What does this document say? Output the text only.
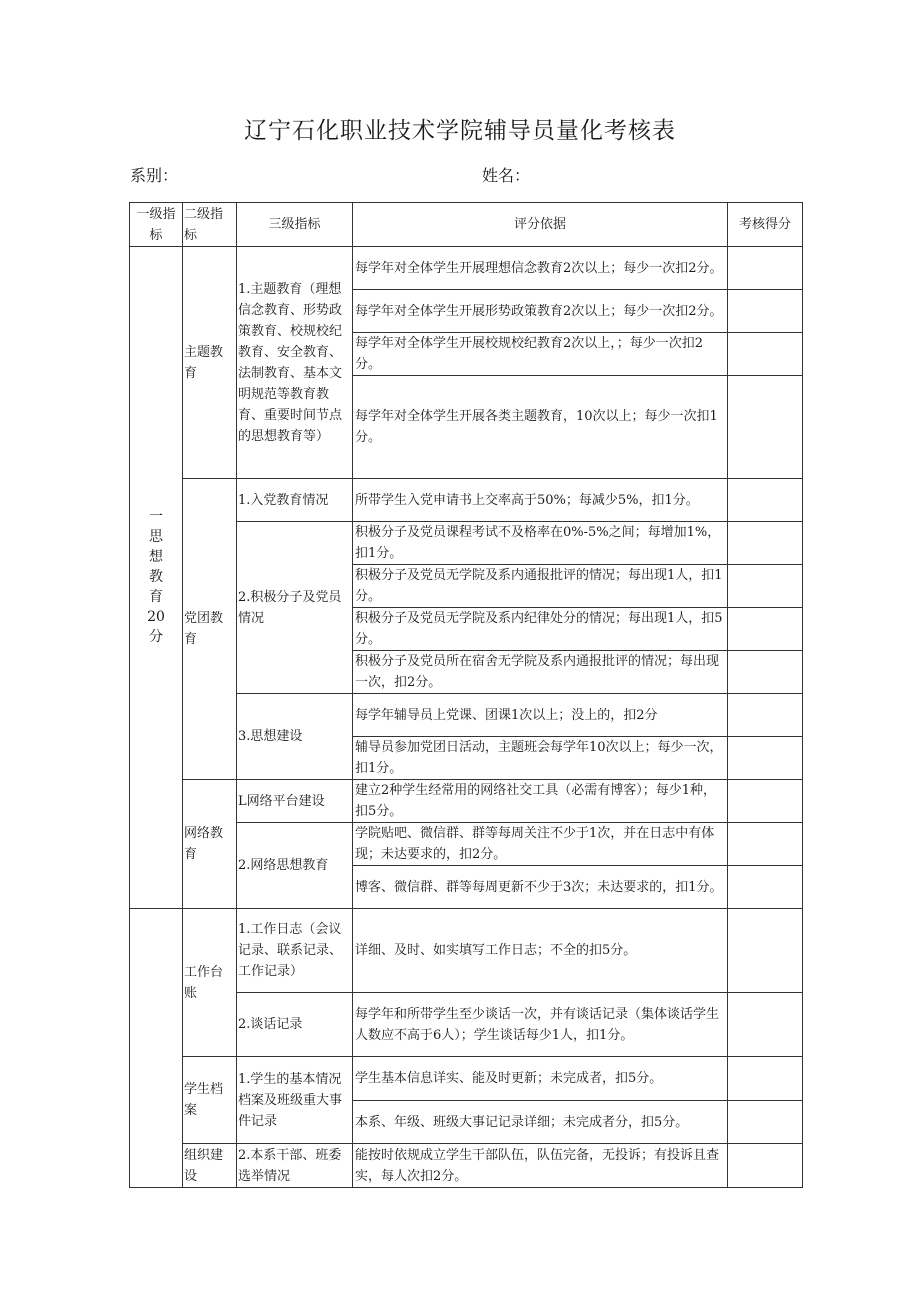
辽宁石化职业技术学院辅导员量化考核表
系别：	姓名：
一级指标	二级指标	三级指标	评分依据	考核得分
一思想教育20分	主题教育	1.主题教育（理想信念教育、形势政策教育、校规校纪教育、安全教育、法制教育、基本文明规范等教育教育、重要时间节点的思想教育等）	每学年对全体学生开展理想信念教育2次以上；每少一次扣2分。	
			每学年对全体学生开展形势政策教育2次以上；每少一次扣2分。	
			每学年对全体学生开展校规校纪教育2次以上，；每少一次扣2分。	
			每学年对全体学生开展各类主题教育，10次以上；每少一次扣1分。	
	党团教育	1.入党教育情况	所带学生入党申请书上交率高于50%；每减少5%，扣1分。	
		2.积极分子及党员情况	积极分子及党员课程考试不及格率在0%-5%之间；每增加1%，扣1分。	
			积极分子及党员无学院及系内通报批评的情况；每出现1人，扣1分。	
			积极分子及党员无学院及系内纪律处分的情况；每出现1人，扣5分。	
			积极分子及党员所在宿舍无学院及系内通报批评的情况；每出现一次，扣2分。	
		3.思想建设	每学年辅导员上党课、团课1次以上；没上的，扣2分	
			辅导员参加党团日活动，主题班会每学年10次以上；每少一次，扣1分。	
	网络教育	L网络平台建设	建立2种学生经常用的网络社交工具（必需有博客）；每少1种，扣5分。	
		2.网络思想教育	学院贴吧、微信群、群等每周关注不少于1次，并在日志中有体现；未达要求的，扣2分。	
			博客、微信群、群等每周更新不少于3次；未达要求的，扣1分。	
	工作台账	1.工作日志（会议记录、联系记录、工作记录）	详细、及时、如实填写工作日志；不全的扣5分。	
		2.谈话记录	每学年和所带学生至少谈话一次，并有谈话记录（集体谈话学生人数应不高于6人）；学生谈话每少1人，扣1分。	
	学生档案	1.学生的基本情况档案及班级重大事件记录	学生基本信息详实、能及时更新；未完成者，扣5分。	
			本系、年级、班级大事记记录详细；未完成者分，扣5分。	
	组织建设	2.本系干部、班委选举情况	能按时依规成立学生干部队伍，队伍完备，无投诉；有投诉且查实，每人次扣2分。	
